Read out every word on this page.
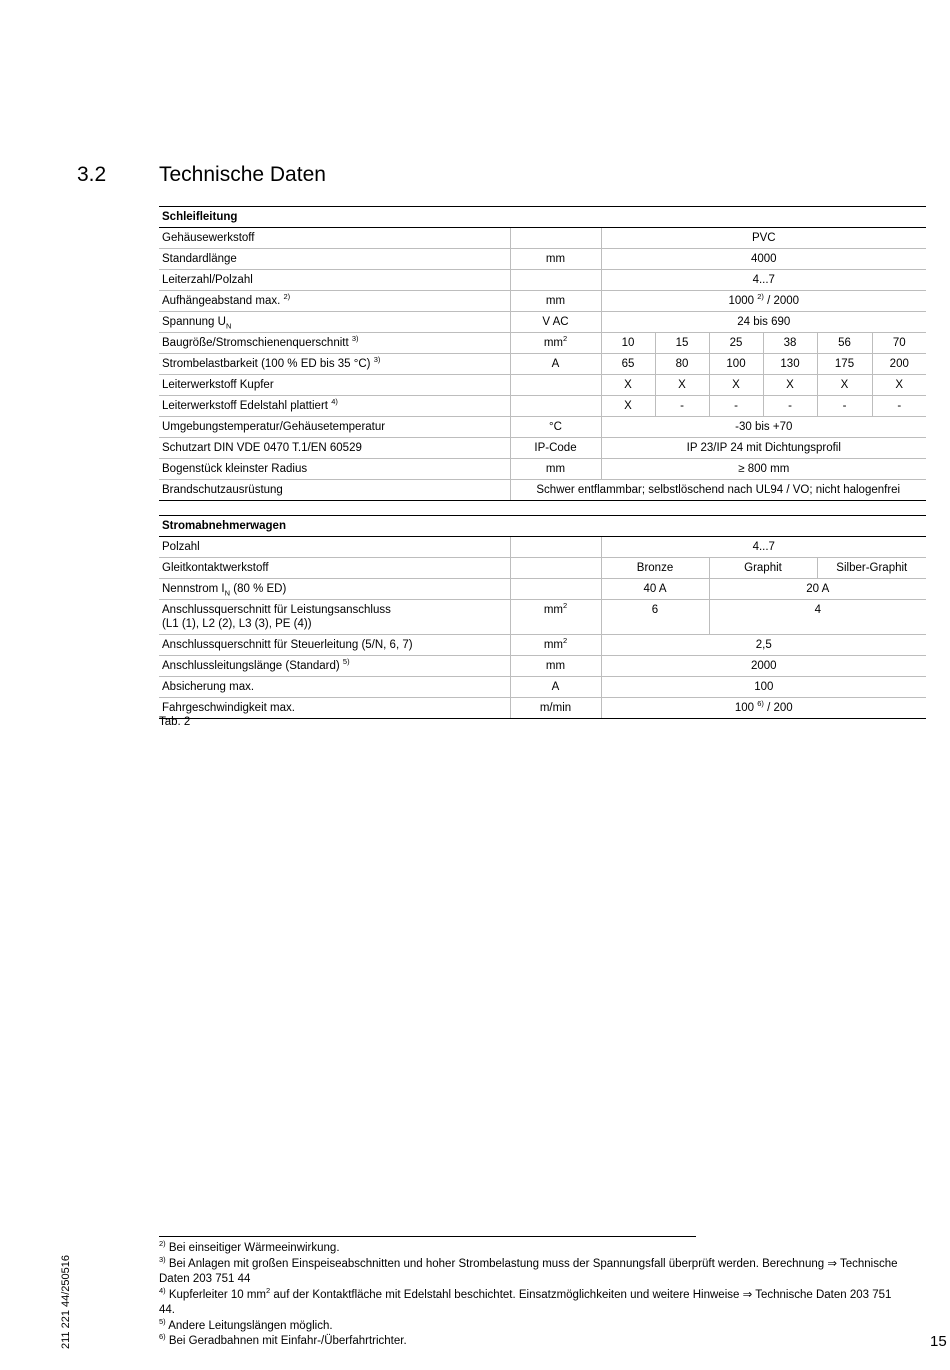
3.2	Technische Daten
Schleifleitung							
Gehäusewerkstoff		PVC					
Standardlänge	mm	4000					
Leiterzahl/Polzahl		4...7					
Aufhängeabstand max. $^{2)}$	mm	1000 $^{2)}$ / 2000					
Spannung $U_N$	V AC	24 bis 690					
Baugröße/Stromschienenquerschnitt $^{3)}$	$mm^2$	10	15	25	38	56	70
Strombelastbarkeit (100 % ED bis 35 °C) $^{3)}$	A	65	80	100	130	175	200
Leiterwerkstoff Kupfer		X	X	X	X	X	X
Leiterwerkstoff Edelstahl plattiert $^{4)}$		X	-	-	-	-	-
Umgebungstemperatur/Gehäusetemperatur	°C	-30 bis +70					
Schutzart DIN VDE 0470 T.1/EN 60529	IP-Code	IP 23/IP 24 mit Dichtungsprofil					
Bogenstück kleinster Radius	mm	≥ 800 mm					
Brandschutzausrüstung	Schwer entflammbar; selbstlöschend nach UL94 / VO; nicht halogenfrei						
Stromabnehmerwagen				
Polzahl		4...7		
Gleitkontaktwerkstoff		Bronze	Graphit	Silber-Graphit
Nennstrom $I_N$ (80 % ED)		40 A	20 A	
Anschlussquerschnitt für Leistungsanschluss
(L1 (1), L2 (2), L3 (3), PE (4))	$mm^2$	6	4	
Anschlussquerschnitt für Steuerleitung (5/N, 6, 7)	$mm^2$	2,5		
Anschlussleitungslänge (Standard) $^{5)}$	mm	2000		
Absicherung max.	A	100		
Fahrgeschwindigkeit max.	m/min	100 $^{6)}$ / 200		
Tab. 2

$^{2)}$ Bei einseitiger Wärmeeinwirkung.

$^{3)}$ Bei Anlagen mit großen Einspeiseabschnitten und hoher Strombelastung muss der Spannungsfall überprüft werden. Berechnung ⇒ Technische Daten 203 751 44

$^{4)}$ Kupferleiter 10 $mm^2$ auf der Kontaktfläche mit Edelstahl beschichtet. Einsatzmöglichkeiten und weitere Hinweise ⇒ Technische Daten 203 751 44.

$^{5)}$ Andere Leitungslängen möglich.

$^{6)}$ Bei Geradbahnen mit Einfahr-/Überfahrtrichter.

211 221 44/250516	15
